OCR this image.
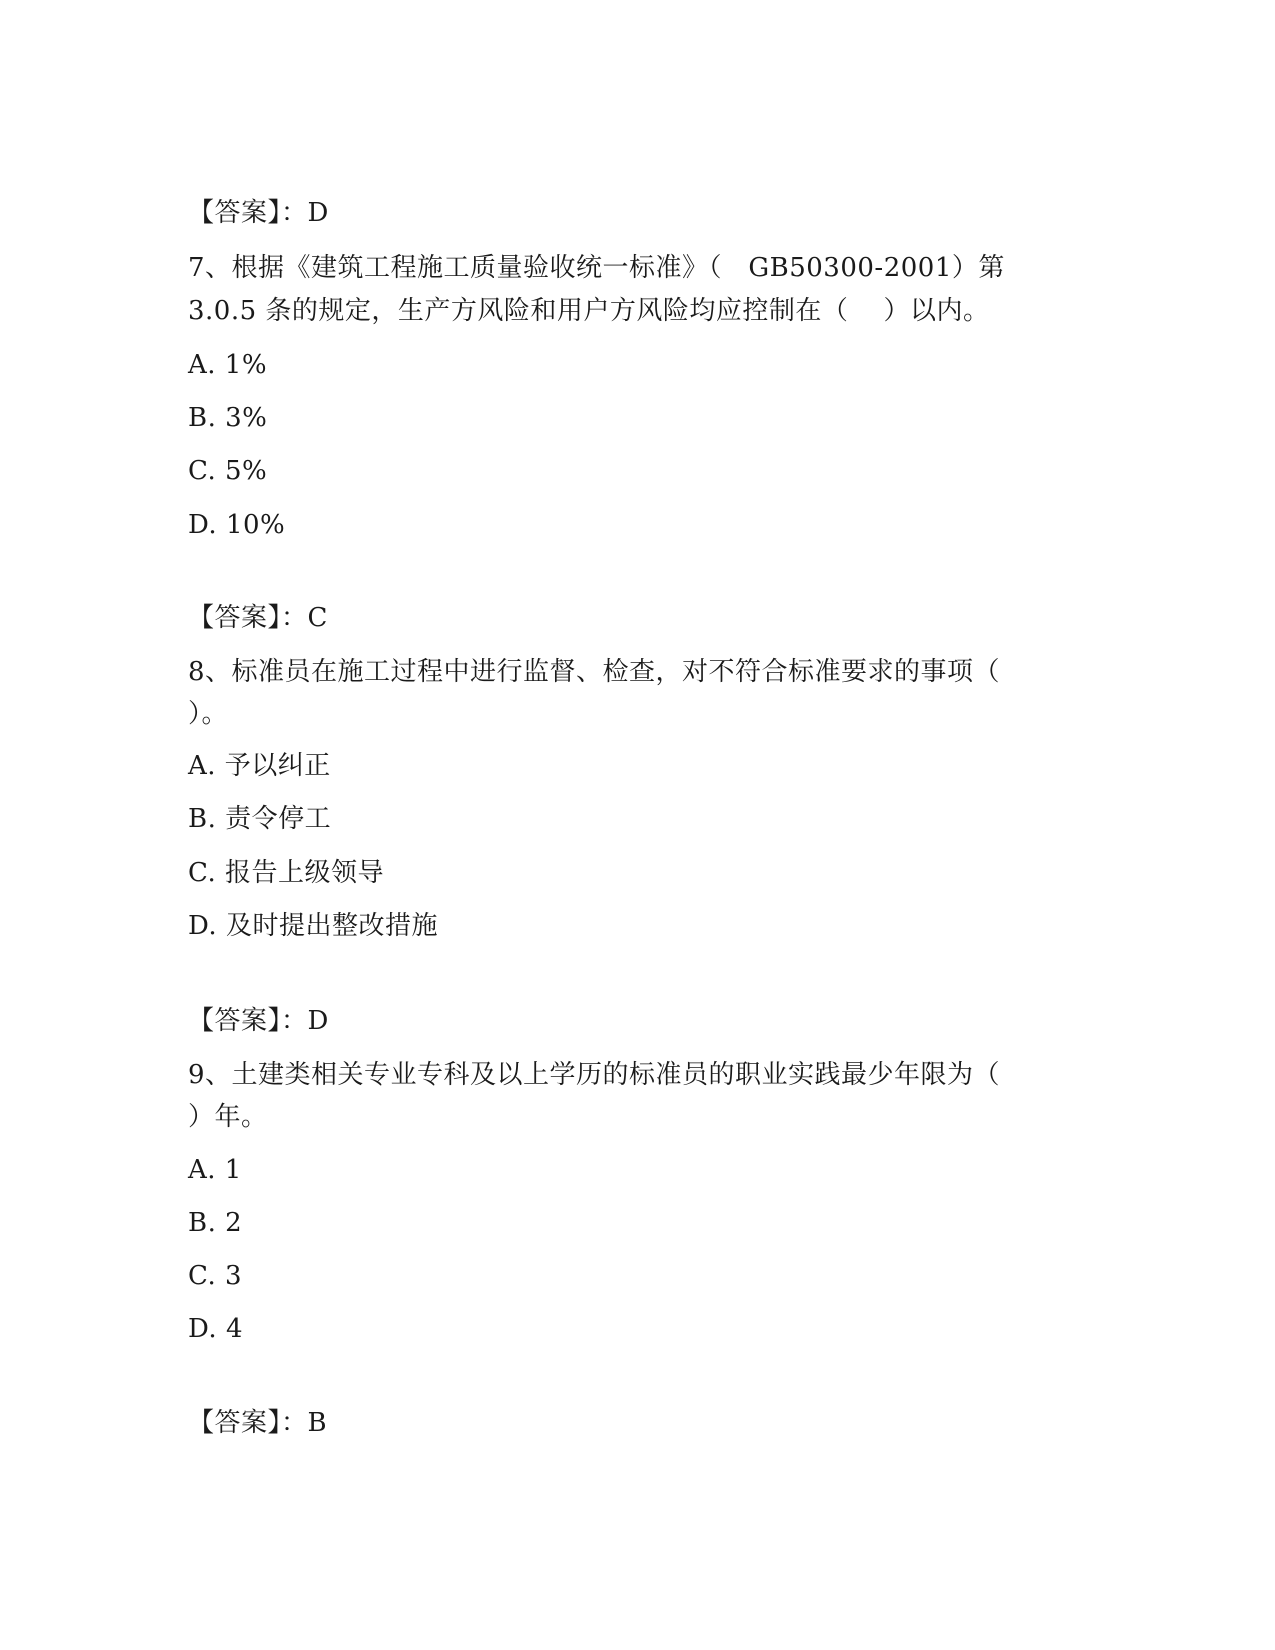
【答案】：D
7、根据《建筑工程施工质量验收统一标准》（   GB50300-2001）第
3.0.5 条的规定，生产方风险和用户方风险均应控制在（    ）以内。
A. 1%
B. 3%
C. 5%
D. 10%
【答案】：C
8、标准员在施工过程中进行监督、检查，对不符合标准要求的事项（
）。
A. 予以纠正
B. 责令停工
C. 报告上级领导
D. 及时提出整改措施
【答案】：D
9、土建类相关专业专科及以上学历的标准员的职业实践最少年限为（
）年。
A. 1
B. 2
C. 3
D. 4
【答案】：B
